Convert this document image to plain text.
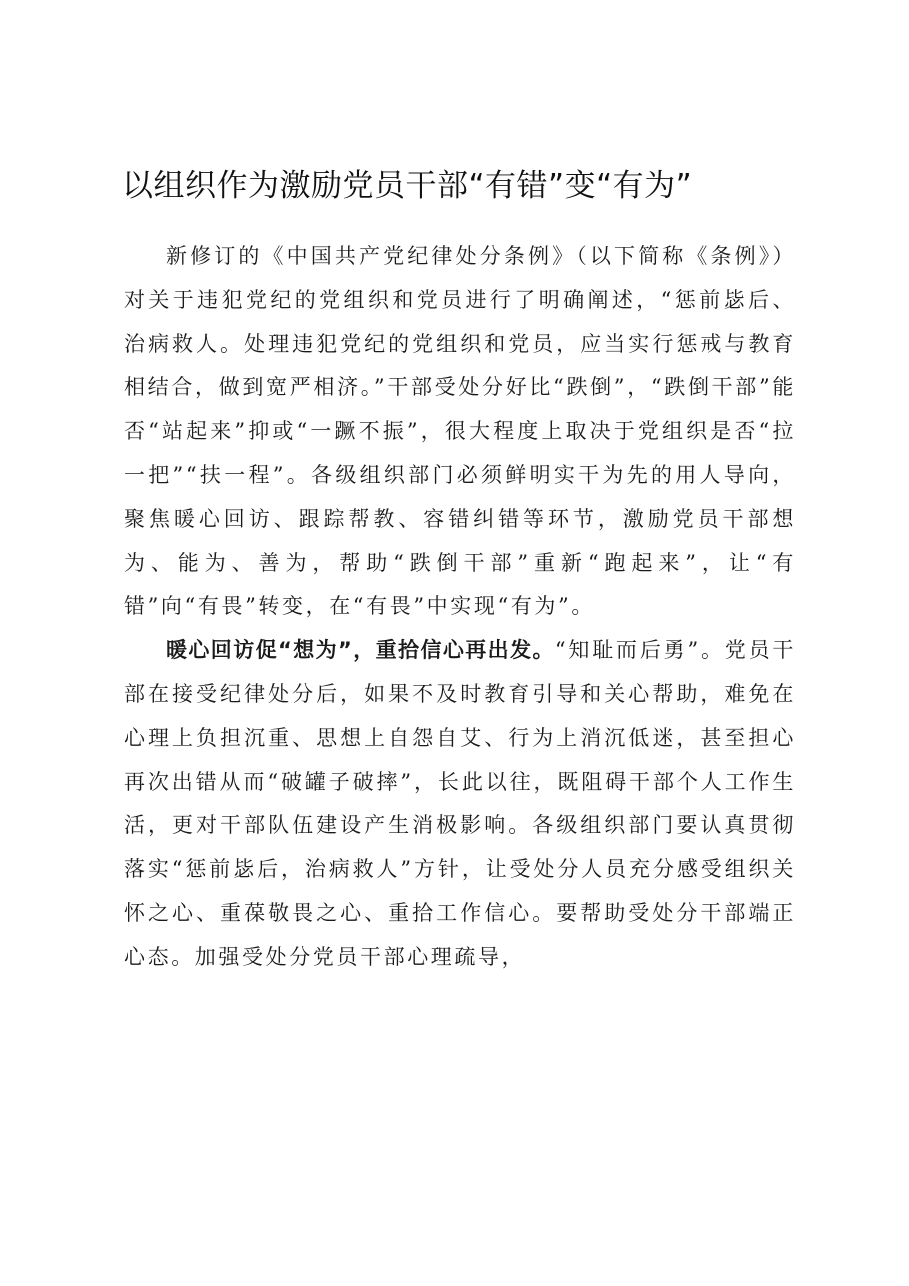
以组织作为激励党员干部“有错”变“有为”

新修订的《中国共产党纪律处分条例》（以下简称《条例》）对关于违犯党纪的党组织和党员进行了明确阐述，“惩前毖后、治病救人。处理违犯党纪的党组织和党员，应当实行惩戒与教育相结合，做到宽严相济。”干部受处分好比“跌倒”，“跌倒干部”能否“站起来”抑或“一蹶不振”，很大程度上取决于党组织是否“拉一把”“扶一程”。各级组织部门必须鲜明实干为先的用人导向，聚焦暖心回访、跟踪帮教、容错纠错等环节，激励党员干部想为、能为、善为，帮助“跌倒干部”重新“跑起来”，让“有错”向“有畏”转变，在“有畏”中实现“有为”。

暖心回访促“想为”，重拾信心再出发。“知耻而后勇”。党员干部在接受纪律处分后，如果不及时教育引导和关心帮助，难免在心理上负担沉重、思想上自怨自艾、行为上消沉低迷，甚至担心再次出错从而“破罐子破摔”，长此以往，既阻碍干部个人工作生活，更对干部队伍建设产生消极影响。各级组织部门要认真贯彻落实“惩前毖后，治病救人”方针，让受处分人员充分感受组织关怀之心、重葆敬畏之心、重拾工作信心。要帮助受处分干部端正心态。加强受处分党员干部心理疏导，
